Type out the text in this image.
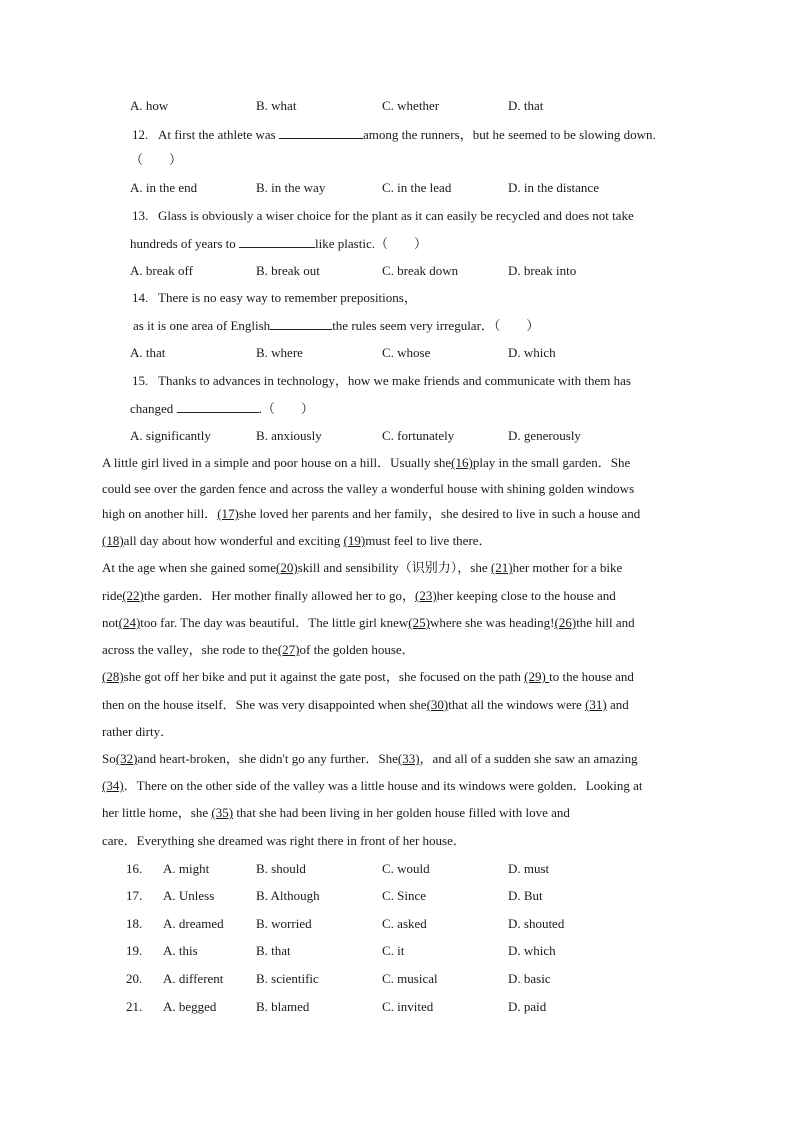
A. how	B. what	C. whether	D. that
12. At first the athlete was	among the runners，but he seemed to be slowing down.
（　　）
A. in the end	B. in the way	C. in the lead	D. in the distance
13. Glass is obviously a wiser choice for the plant as it can easily be recycled and does not take
hundreds of years to	like plastic.（　　）
A. break off	B. break out	C. break down	D. break into
14. There is no easy way to remember prepositions，
as it is one area of English	the rules seem very irregular．（　　）
A. that	B. where	C. whose	D. which
15. Thanks to advances in technology，how we make friends and communicate with them has
changed	.（　　）
A. significantly	B. anxiously	C. fortunately	D. generously
A little girl lived in a simple and poor house on a hill．Usually she(16)play in the small garden．She
could see over the garden fence and across the valley a wonderful house with shining golden windows
high on another hill．(17)she loved her parents and her family，she desired to live in such a house and
(18)all day about how wonderful and exciting (19)must feel to live there．
At the age when she gained some(20)skill and sensibility（识别力），she (21)her mother for a bike
ride(22)the garden．Her mother finally allowed her to go，(23)her keeping close to the house and
not(24)too far. The day was beautiful．The little girl knew(25)where she was heading!(26)the hill and
across the valley，she rode to the(27)of the golden house．
(28)she got off her bike and put it against the gate post，she focused on the path (29) to the house and
then on the house itself．She was very disappointed when she(30)that all the windows were (31) and
rather dirty．
So(32)and heart-broken，she didn't go any further．She(33)，and all of a sudden she saw an amazing
(34)．There on the other side of the valley was a little house and its windows were golden．Looking at
her little home，she (35) that she had been living in her golden house filled with love and
care．Everything she dreamed was right there in front of her house．
16. A. might	B. should	C. would	D. must
17. A. Unless	B. Although	C. Since	D. But
18. A. dreamed B. worried	C. asked	D. shouted
19. A. this	B. that	C. it	D. which
20. A. different	B. scientific	C. musical	D. basic
21. A. begged	B. blamed	C. invited	D. paid
